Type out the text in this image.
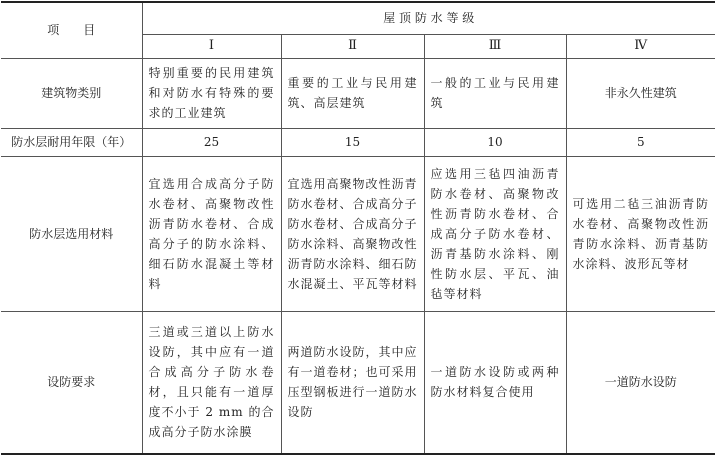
项　　目	屋 顶 防 水 等 级			
	Ⅰ	Ⅱ	Ⅲ	Ⅳ
建筑物类别	特别重要的民用建筑和对防水有特殊的要求的工业建筑	重要的工业与民用建筑、高层建筑	一般的工业与民用建筑	非永久性建筑
防水层耐用年限（年）	25	15	10	5
防水层选用材料	宜选用合成高分子防水卷材、高聚物改性沥青防水卷材、合成高分子的防水涂料、细石防水混凝土等材料	宜选用高聚物改性沥青防水卷材、合成高分子防水卷材、合成高分子防水涂料、高聚物改性沥青防水涂料、细石防水混凝土、平瓦等材料	应选用三毡四油沥青防水卷材、高聚物改性沥青防水卷材、合成高分子防水卷材、沥青基防水涂料、刚性防水层、平瓦、油毡等材料	可选用二毡三油沥青防水卷材、高聚物改性沥青防水涂料、沥青基防水涂料、波形瓦等材
设防要求	三道或三道以上防水设防，其中应有一道合成高分子防水卷材，且只能有一道厚度不小于 2 mm 的合成高分子防水涂膜	两道防水设防，其中应有一道卷材；也可采用压型钢板进行一道防水设防	一道防水设防或两种防水材料复合使用	一道防水设防
